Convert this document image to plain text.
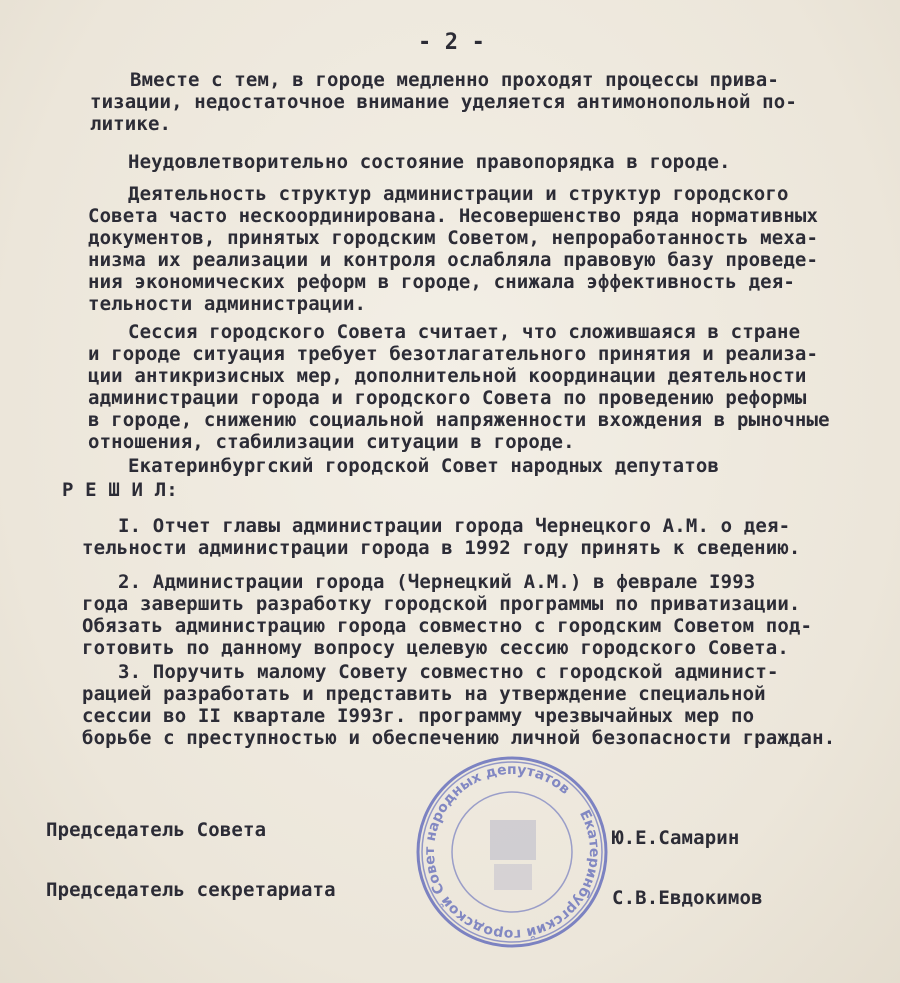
- 2 -
Вместе с тем, в городе медленно проходят процессы прива-
тизации, недостаточное внимание уделяется антимонопольной по-
литике.
Неудовлетворительно состояние правопорядка в городе.
Деятельность структур администрации и структур городского
Совета часто нескоординирована. Несовершенство ряда нормативных
документов, принятых городским Советом, непроработанность меха-
низма их реализации и контроля ослабляла правовую базу проведе-
ния экономических реформ в городе, снижала эффективность дея-
тельности администрации.
Сессия городского Совета считает, что сложившаяся в стране
и городе ситуация требует безотлагательного принятия и реализа-
ции антикризисных мер, дополнительной координации деятельности
администрации города и городского Совета по проведению реформы
в городе, снижению социальной напряженности вхождения в рыночные
отношения, стабилизации ситуации в городе.
Екатеринбургский городской Совет народных депутатов
Р Е Ш И Л:
I. Отчет главы администрации города Чернецкого А.М. о дея-
тельности администрации города в 1992 году принять к сведению.
2. Администрации города (Чернецкий А.М.) в феврале I993
года завершить разработку городской программы по приватизации.
Обязать администрацию города совместно с городским Советом под-
готовить по данному вопросу целевую сессию городского Совета.
3. Поручить малому Совету совместно с городской админист-
рацией разработать и представить на утверждение специальной
сессии во II квартале I993г. программу чрезвычайных мер по
борьбе с преступностью и обеспечению личной безопасности граждан.
Екатеринбургский городской Совет народных депутатов
Председатель Совета	Ю.Е.Самарин
Председатель секретариата	С.В.Евдокимов
